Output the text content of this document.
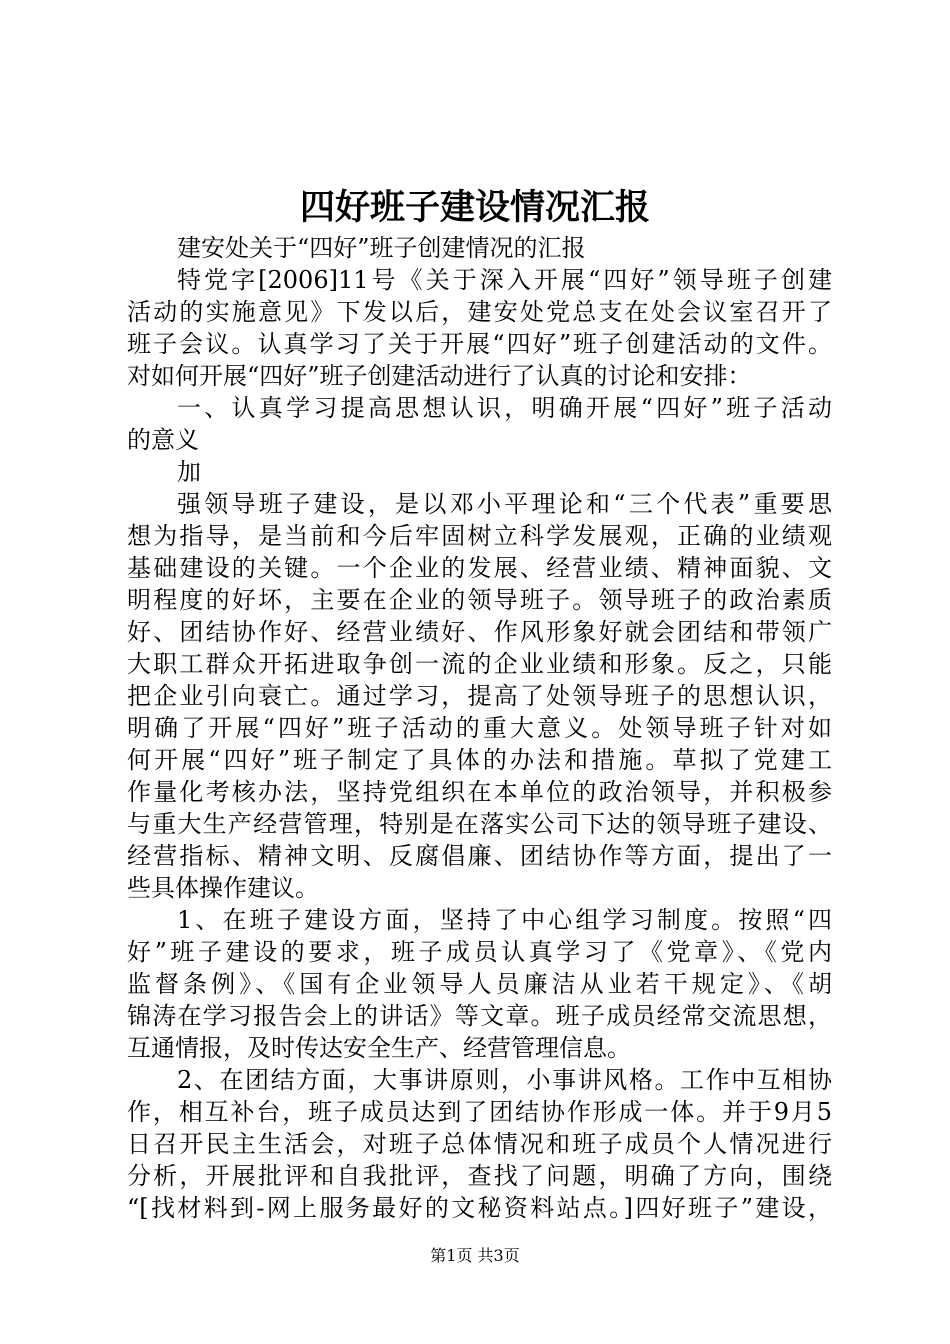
四好班子建设情况汇报
建安处关于“四好”班子创建情况的汇报
特党字[2006]11号《关于深入开展“四好”领导班子创建
活动的实施意见》下发以后，建安处党总支在处会议室召开了
班子会议。认真学习了关于开展“四好”班子创建活动的文件。
对如何开展“四好”班子创建活动进行了认真的讨论和安排：
一、认真学习提高思想认识，明确开展“四好”班子活动
的意义
加
强领导班子建设，是以邓小平理论和“三个代表”重要思
想为指导，是当前和今后牢固树立科学发展观，正确的业绩观
基础建设的关键。一个企业的发展、经营业绩、精神面貌、文
明程度的好坏，主要在企业的领导班子。领导班子的政治素质
好、团结协作好、经营业绩好、作风形象好就会团结和带领广
大职工群众开拓进取争创一流的企业业绩和形象。反之，只能
把企业引向衰亡。通过学习，提高了处领导班子的思想认识，
明确了开展“四好”班子活动的重大意义。处领导班子针对如
何开展“四好”班子制定了具体的办法和措施。草拟了党建工
作量化考核办法，坚持党组织在本单位的政治领导，并积极参
与重大生产经营管理，特别是在落实公司下达的领导班子建设、
经营指标、精神文明、反腐倡廉、团结协作等方面，提出了一
些具体操作建议。
1、在班子建设方面，坚持了中心组学习制度。按照“四
好”班子建设的要求，班子成员认真学习了《党章》、《党内
监督条例》、《国有企业领导人员廉洁从业若干规定》、《胡
锦涛在学习报告会上的讲话》等文章。班子成员经常交流思想，
互通情报，及时传达安全生产、经营管理信息。
2、在团结方面，大事讲原则，小事讲风格。工作中互相协
作，相互补台，班子成员达到了团结协作形成一体。并于9月5
日召开民主生活会，对班子总体情况和班子成员个人情况进行
分析，开展批评和自我批评，查找了问题，明确了方向，围绕
“[找材料到-网上服务最好的文秘资料站点。]四好班子”建设，
第1页 共3页
